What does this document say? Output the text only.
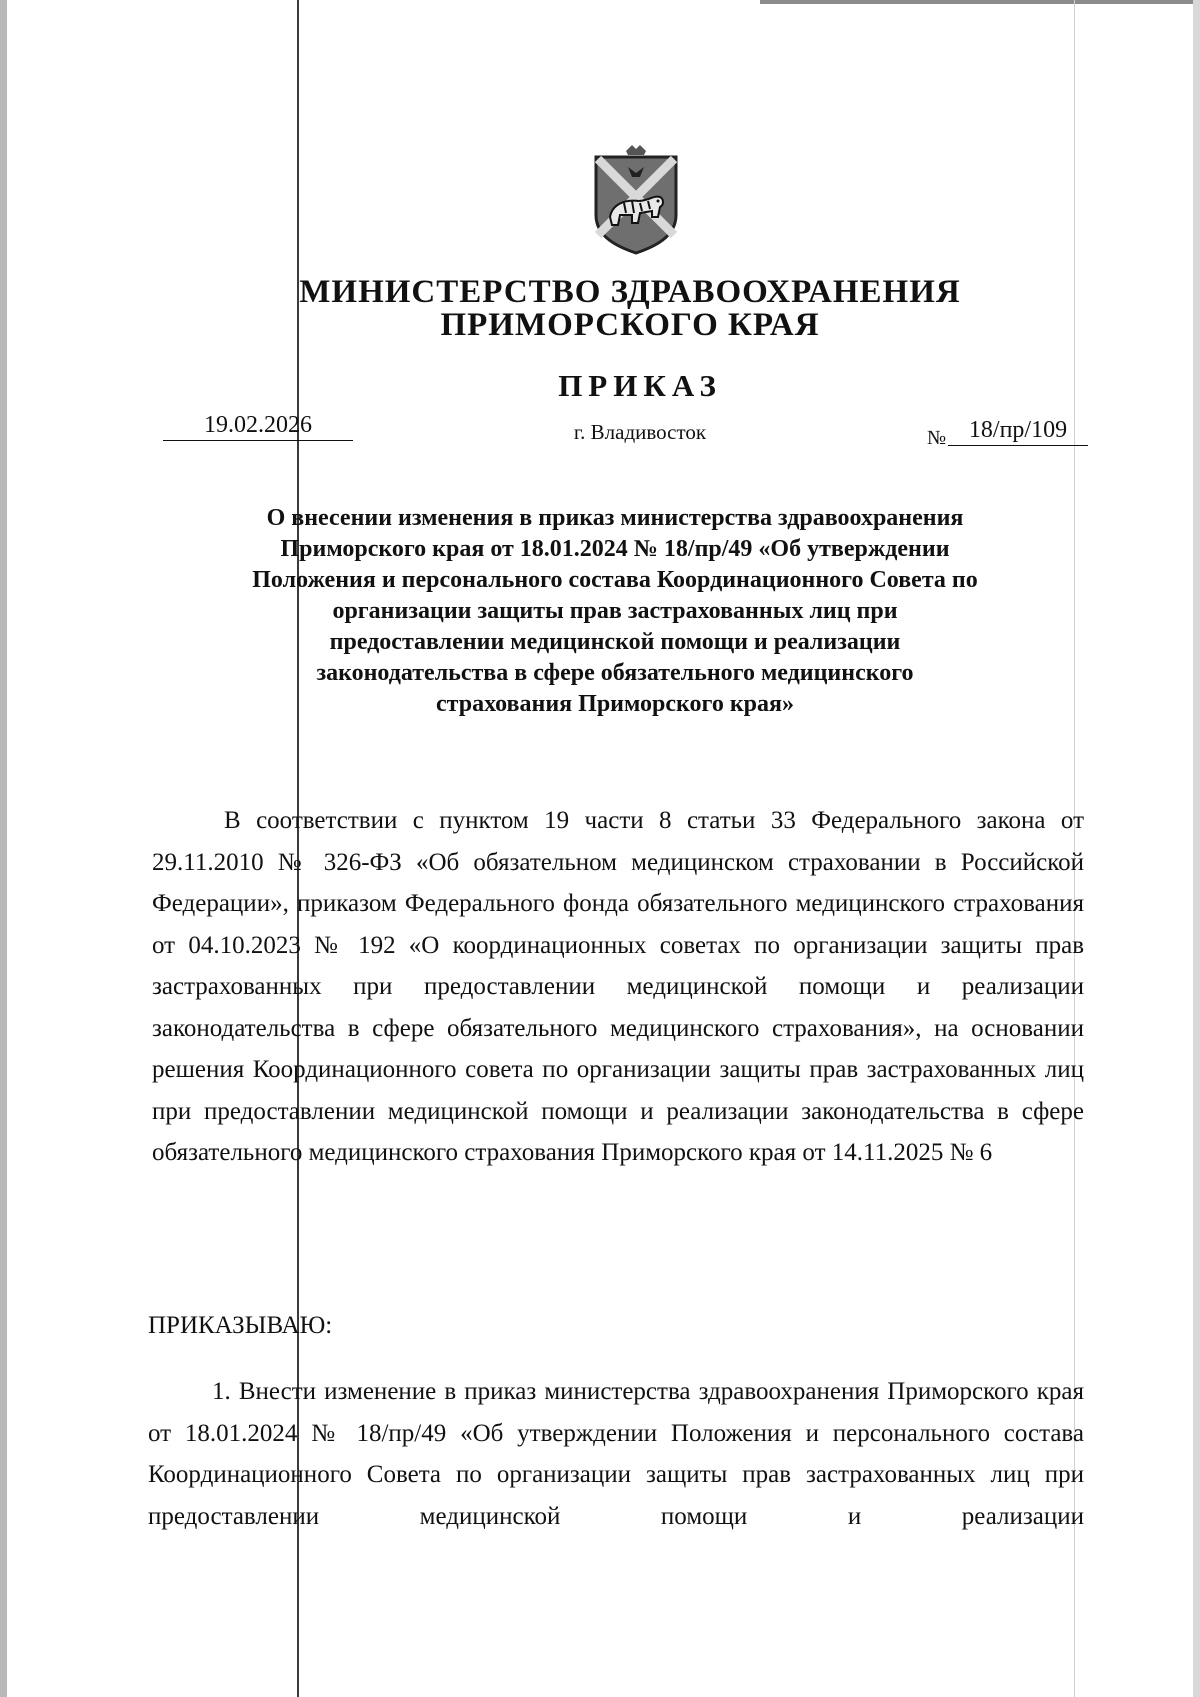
МИНИСТЕРСТВО ЗДРАВООХРАНЕНИЯ
ПРИМОРСКОГО КРАЯ
ПРИКАЗ
19.02.2026	г. Владивосток	№ 18/пр/109
О внесении изменения в приказ министерства здравоохранения Приморского края от 18.01.2024 № 18/пр/49 «Об утверждении Положения и персонального состава Координационного Совета по организации защиты прав застрахованных лиц при предоставлении медицинской помощи и реализации законодательства в сфере обязательного медицинского страхования Приморского края»
В соответствии с пунктом 19 части 8 статьи 33 Федерального закона от 29.11.2010 № 326-ФЗ «Об обязательном медицинском страховании в Российской Федерации», приказом Федерального фонда обязательного медицинского страхования от 04.10.2023 № 192 «О координационных советах по организации защиты прав застрахованных при предоставлении медицинской помощи и реализации законодательства в сфере обязательного медицинского страхования», на основании решения Координационного совета по организации защиты прав застрахованных лиц при предоставлении медицинской помощи и реализации законодательства в сфере обязательного медицинского страхования Приморского края от 14.11.2025 № 6
ПРИКАЗЫВАЮ:
1. Внести изменение в приказ министерства здравоохранения Приморского края от 18.01.2024 № 18/пр/49 «Об утверждении Положения и персонального состава Координационного Совета по организации защиты прав застрахованных лиц при предоставлении медицинской помощи и реализации
